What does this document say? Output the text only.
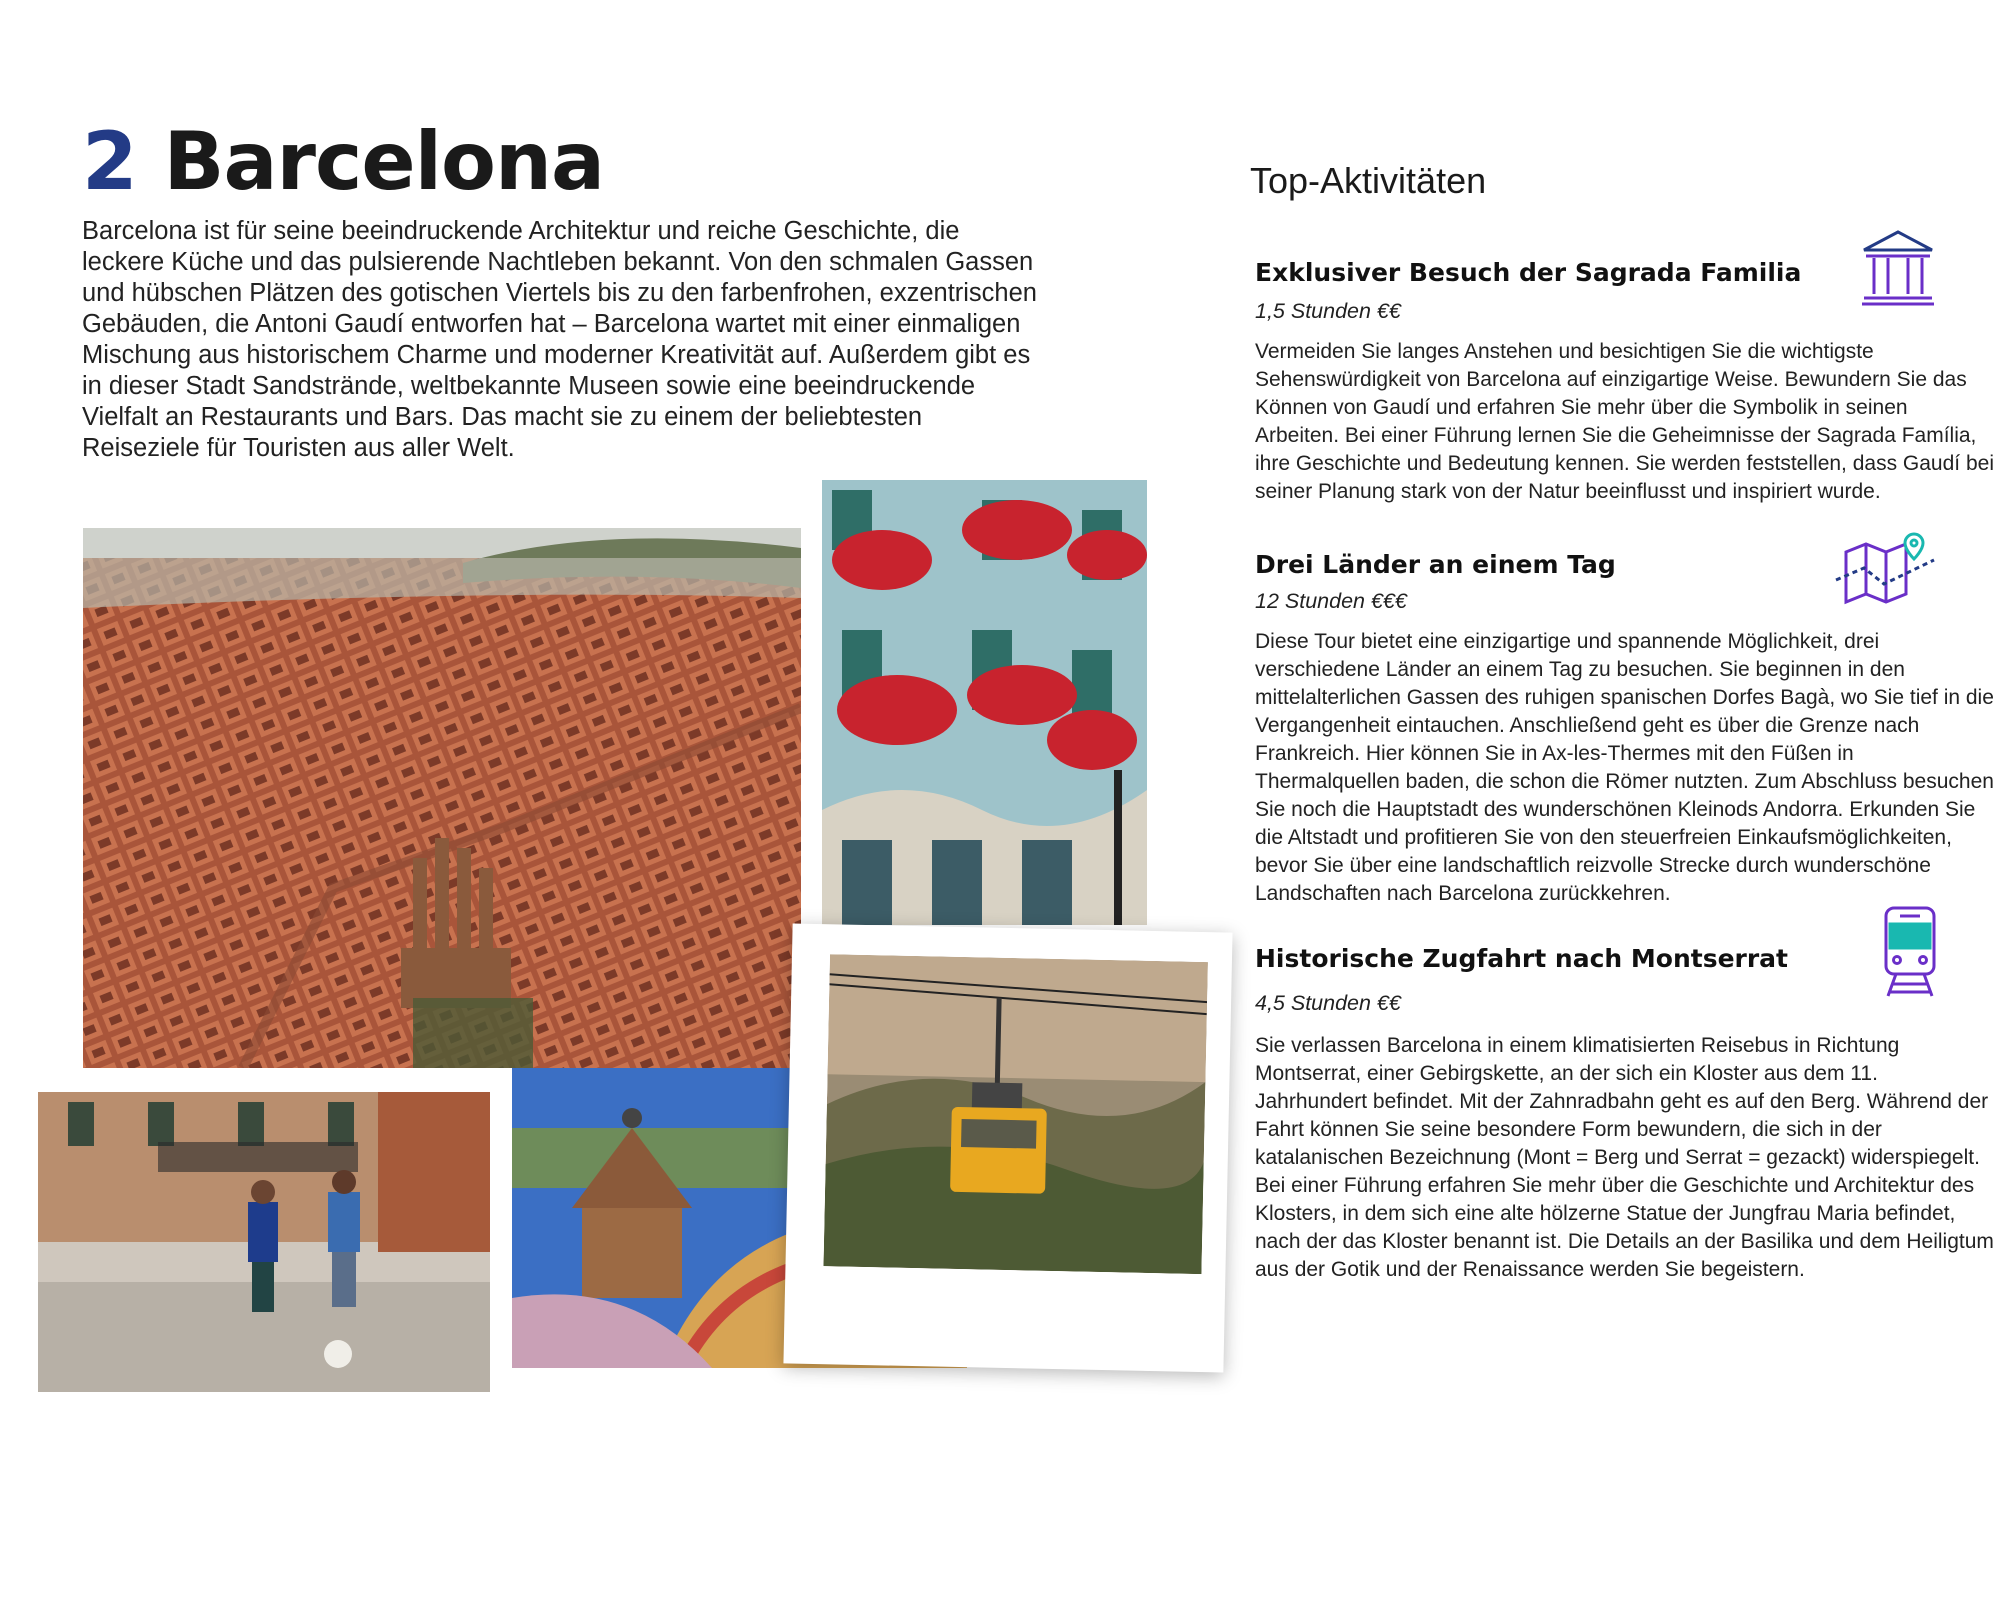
2 Barcelona

Barcelona ist für seine beeindruckende Architektur und reiche Geschichte, die leckere Küche und das pulsierende Nachtleben bekannt. Von den schmalen Gassen und hübschen Plätzen des gotischen Viertels bis zu den farbenfrohen, exzentrischen Gebäuden, die Antoni Gaudí entworfen hat – Barcelona wartet mit einer einmaligen Mischung aus historischem Charme und moderner Kreativität auf. Außerdem gibt es in dieser Stadt Sandstrände, weltbekannte Museen sowie eine beeindruckende Vielfalt an Restaurants und Bars. Das macht sie zu einem der beliebtesten Reiseziele für Touristen aus aller Welt.

Top-Aktivitäten

Exklusiver Besuch der Sagrada Familia

1,5 Stunden €€

Vermeiden Sie langes Anstehen und besichtigen Sie die wichtigste Sehenswürdigkeit von Barcelona auf einzigartige Weise. Bewundern Sie das Können von Gaudí und erfahren Sie mehr über die Symbolik in seinen Arbeiten. Bei einer Führung lernen Sie die Geheimnisse der Sagrada Família, ihre Geschichte und Bedeutung kennen. Sie werden feststellen, dass Gaudí bei seiner Planung stark von der Natur beeinflusst und inspiriert wurde.

Drei Länder an einem Tag

12 Stunden €€€

Diese Tour bietet eine einzigartige und spannende Möglichkeit, drei verschiedene Länder an einem Tag zu besuchen. Sie beginnen in den mittelalterlichen Gassen des ruhigen spanischen Dorfes Bagà, wo Sie tief in die Vergangenheit eintauchen. Anschließend geht es über die Grenze nach Frankreich. Hier können Sie in Ax-les-Thermes mit den Füßen in Thermalquellen baden, die schon die Römer nutzten. Zum Abschluss besuchen Sie noch die Hauptstadt des wunderschönen Kleinods Andorra. Erkunden Sie die Altstadt und profitieren Sie von den steuerfreien Einkaufsmöglichkeiten, bevor Sie über eine landschaftlich reizvolle Strecke durch wunderschöne Landschaften nach Barcelona zurückkehren.

Historische Zugfahrt nach Montserrat

4,5 Stunden €€

Sie verlassen Barcelona in einem klimatisierten Reisebus in Richtung Montserrat, einer Gebirgskette, an der sich ein Kloster aus dem 11. Jahrhundert befindet. Mit der Zahnradbahn geht es auf den Berg. Während der Fahrt können Sie seine besondere Form bewundern, die sich in der katalanischen Bezeichnung (Mont = Berg und Serrat = gezackt) widerspiegelt. Bei einer Führung erfahren Sie mehr über die Geschichte und Architektur des Klosters, in dem sich eine alte hölzerne Statue der Jungfrau Maria befindet, nach der das Kloster benannt ist. Die Details an der Basilika und dem Heiligtum aus der Gotik und der Renaissance werden Sie begeistern.
